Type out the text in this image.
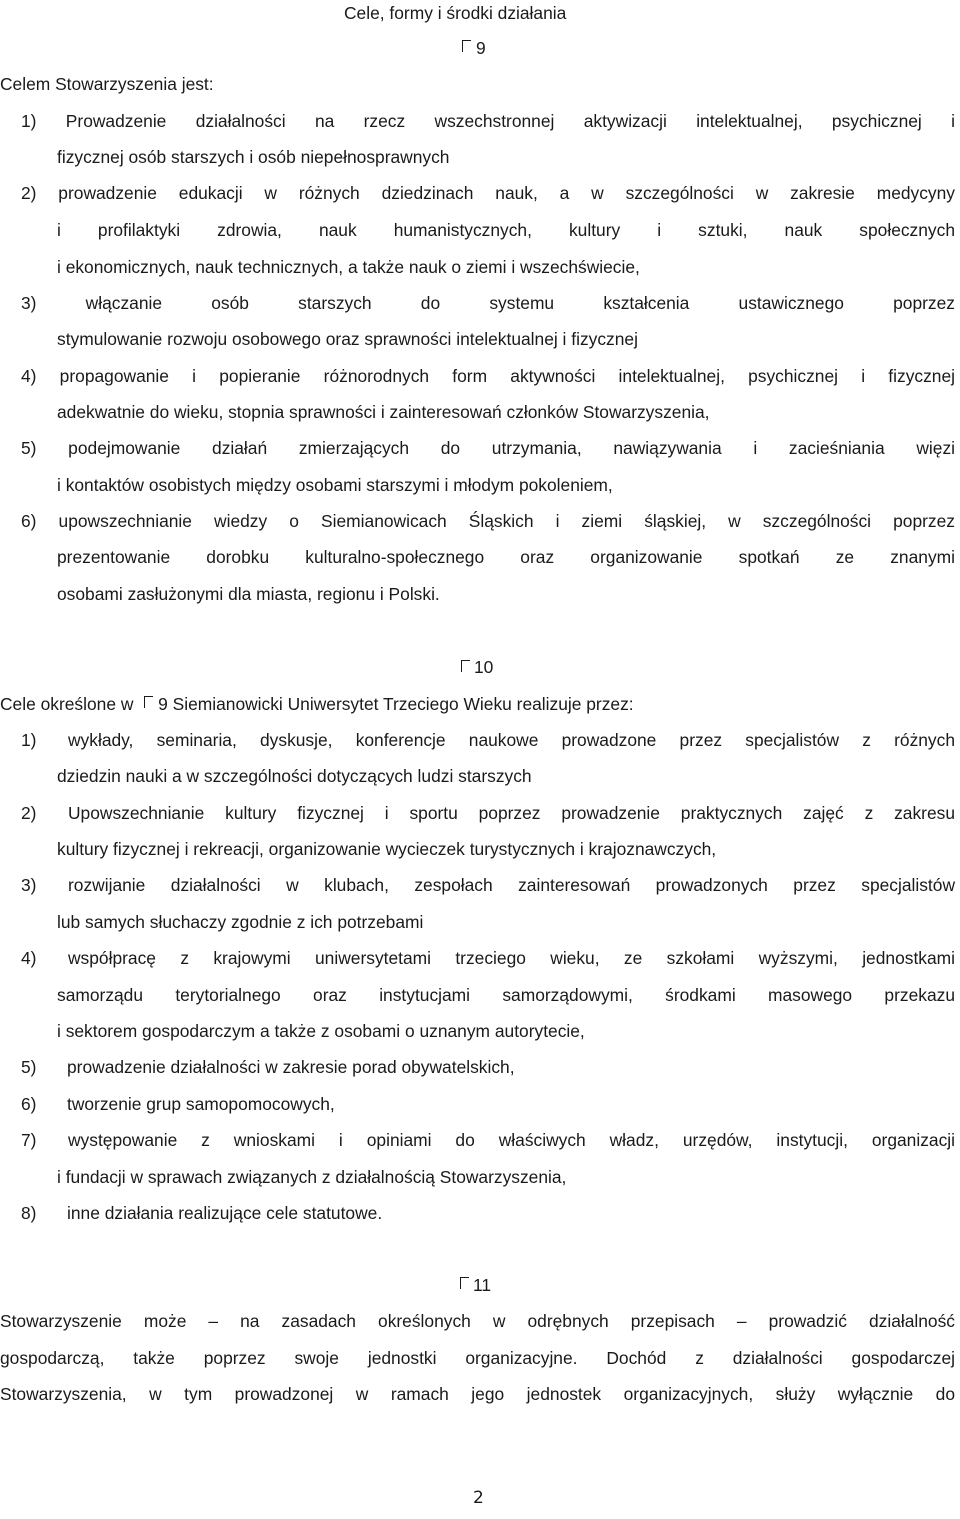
Cele, formy i środki działania
9
Celem Stowarzyszenia jest:
1) Prowadzenie działalności na rzecz wszechstronnej aktywizacji intelektualnej, psychicznej i
fizycznej osób starszych i osób niepełnosprawnych
2) prowadzenie edukacji w różnych dziedzinach nauk, a w szczególności w zakresie medycyny
i profilaktyki zdrowia, nauk humanistycznych, kultury i sztuki, nauk społecznych
i ekonomicznych, nauk technicznych, a także nauk o ziemi i wszechświecie,
3) włączanie osób starszych do systemu kształcenia ustawicznego poprzez
stymulowanie rozwoju osobowego oraz sprawności intelektualnej i fizycznej
4) propagowanie i popieranie różnorodnych form aktywności intelektualnej, psychicznej i fizycznej
adekwatnie do wieku, stopnia sprawności i zainteresowań członków Stowarzyszenia,
5) podejmowanie działań zmierzających do utrzymania, nawiązywania i zacieśniania więzi
i kontaktów osobistych między osobami starszymi i młodym pokoleniem,
6) upowszechnianie wiedzy o Siemianowicach Śląskich i ziemi śląskiej, w szczególności poprzez
prezentowanie dorobku kulturalno-społecznego oraz organizowanie spotkań ze znanymi
osobami zasłużonymi dla miasta, regionu i Polski.
10
Cele określone w 9 Siemianowicki Uniwersytet Trzeciego Wieku realizuje przez:
1) wykłady, seminaria, dyskusje, konferencje naukowe prowadzone przez specjalistów z różnych
dziedzin nauki a w szczególności dotyczących ludzi starszych
2) Upowszechnianie kultury fizycznej i sportu poprzez prowadzenie praktycznych zajęć z zakresu
kultury fizycznej i rekreacji, organizowanie wycieczek turystycznych i krajoznawczych,
3) rozwijanie działalności w klubach, zespołach zainteresowań prowadzonych przez specjalistów
lub samych słuchaczy zgodnie z ich potrzebami
4) współpracę z krajowymi uniwersytetami trzeciego wieku, ze szkołami wyższymi, jednostkami
samorządu terytorialnego oraz instytucjami samorządowymi, środkami masowego przekazu
i sektorem gospodarczym a także z osobami o uznanym autorytecie,
5) prowadzenie działalności w zakresie porad obywatelskich,
6) tworzenie grup samopomocowych,
7) występowanie z wnioskami i opiniami do właściwych władz, urzędów, instytucji, organizacji
i fundacji w sprawach związanych z działalnością Stowarzyszenia,
8) inne działania realizujące cele statutowe.
11
Stowarzyszenie może – na zasadach określonych w odrębnych przepisach – prowadzić działalność
gospodarczą, także poprzez swoje jednostki organizacyjne. Dochód z działalności gospodarczej
Stowarzyszenia, w tym prowadzonej w ramach jego jednostek organizacyjnych, służy wyłącznie do
2
